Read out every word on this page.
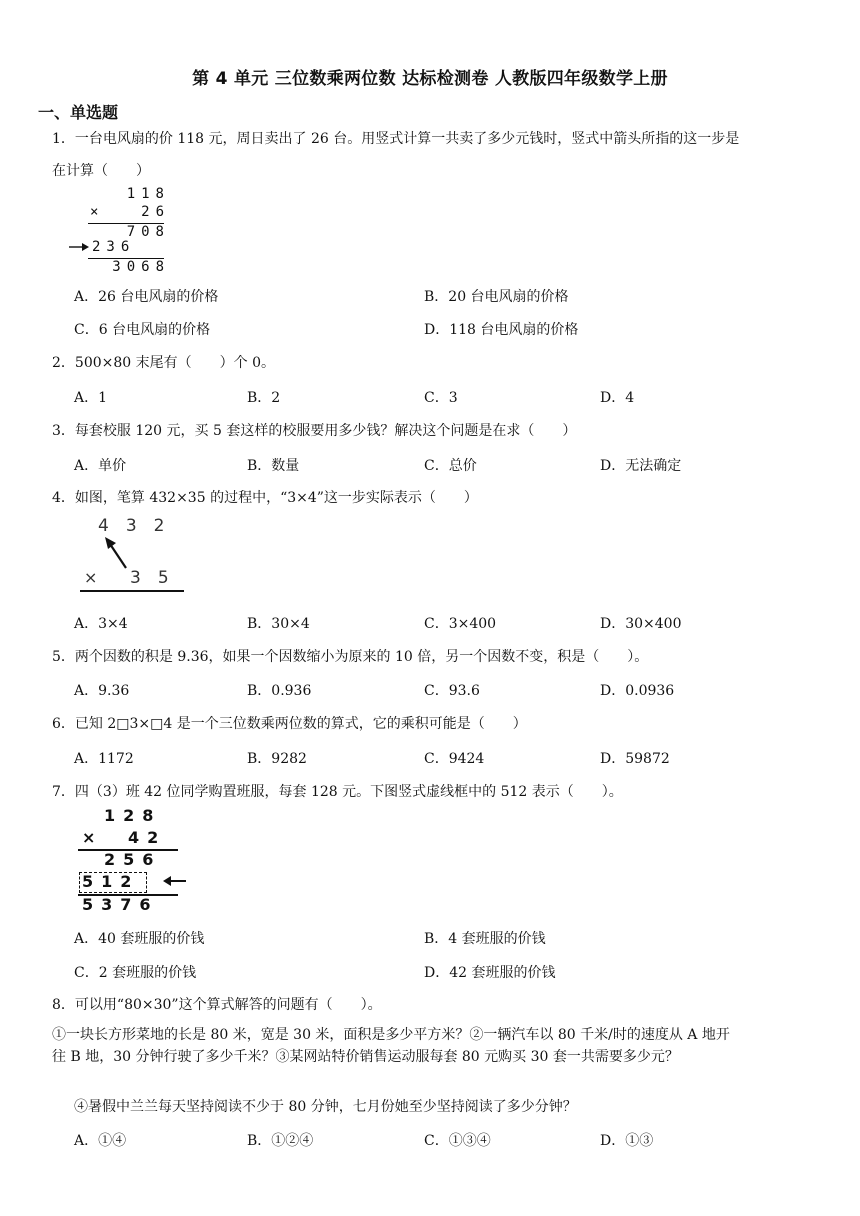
第 4 单元 三位数乘两位数 达标检测卷 人教版四年级数学上册
一、单选题
1．一台电风扇的价 118 元，周日卖出了 26 台。用竖式计算一共卖了多少元钱时，竖式中箭头所指的这一步是
在计算（　　）
118
×	26
708
236
3068
A．26 台电风扇的价格	B．20 台电风扇的价格
C．6 台电风扇的价格	D．118 台电风扇的价格
2．500×80 末尾有（　　）个 0。
A．1	B．2	C．3	D．4
3．每套校服 120 元，买 5 套这样的校服要用多少钱？解决这个问题是在求（　　）
A．单价	B．数量	C．总价	D．无法确定
4．如图，笔算 432×35 的过程中，“3×4”这一步实际表示（　　）
432
× 35
A．3×4	B．30×4	C．3×400	D．30×400
5．两个因数的积是 9.36，如果一个因数缩小为原来的 10 倍，另一个因数不变，积是（　　）。
A．9.36	B．0.936	C．93.6	D．0.0936
6．已知 2□3×□4 是一个三位数乘两位数的算式，它的乘积可能是（　　）
A．1172	B．9282	C．9424	D．59872
7．四（3）班 42 位同学购置班服，每套 128 元。下图竖式虚线框中的 512 表示（　　）。
128
× 42
256
512
5376
A．40 套班服的价钱	B．4 套班服的价钱
C．2 套班服的价钱	D．42 套班服的价钱
8．可以用“80×30”这个算式解答的问题有（　　）。
①一块长方形菜地的长是 80 米，宽是 30 米，面积是多少平方米？②一辆汽车以 80 千米/时的速度从 A 地开
往 B 地，30 分钟行驶了多少千米？③某网站特价销售运动服每套 80 元购买 30 套一共需要多少元？
④暑假中兰兰每天坚持阅读不少于 80 分钟，七月份她至少坚持阅读了多少分钟？
A．①④	B．①②④	C．①③④	D．①③
